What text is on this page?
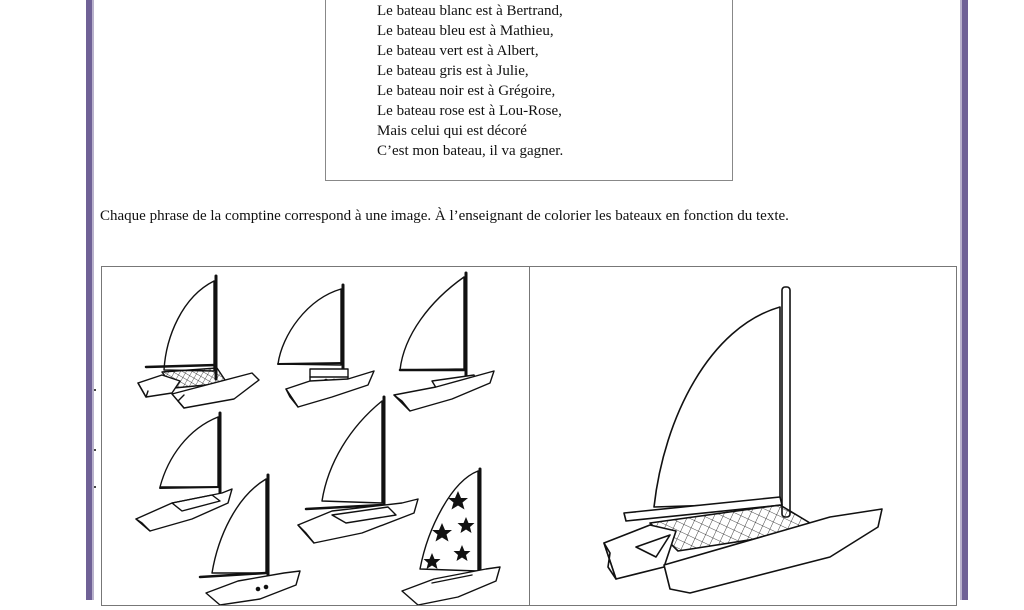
Le bateau blanc est à Bertrand,
Le bateau bleu est à Mathieu,
Le bateau vert est à Albert,
Le bateau gris est à Julie,
Le bateau noir est à Grégoire,
Le bateau rose est à Lou-Rose,
Mais celui qui est décoré
C’est mon bateau, il va gagner.

Chaque phrase de la comptine correspond à une image. À l’enseignant de colorier les bateaux en fonction du texte.
